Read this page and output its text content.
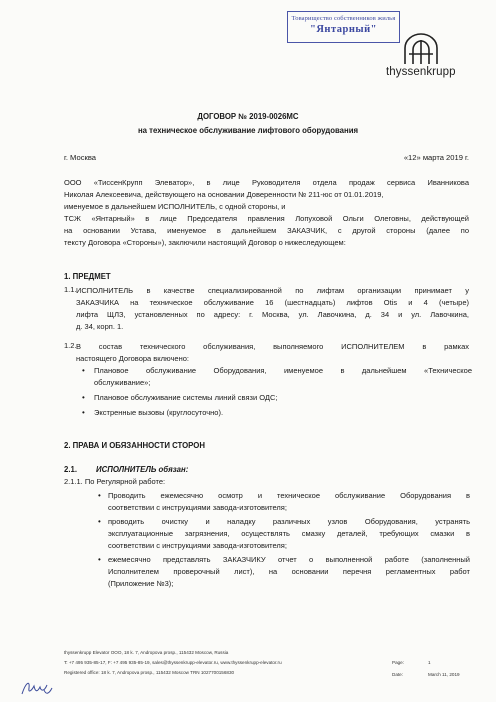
Товарищество собственников жилья
"Янтарный"
thyssenkrupp
ДОГОВОР № 2019-0026МС
на техническое обслуживание лифтового оборудования
г. Москва	«12» марта 2019 г.
ООО «ТиссенКрупп Элеватор», в лице Руководителя отдела продаж сервиса Иванникова
Николая Алексеевича, действующего на основании Доверенности № 211-юс от 01.01.2019,
именуемое в дальнейшем ИСПОЛНИТЕЛЬ, с одной стороны, и
ТСЖ «Янтарный» в лице Председателя правления Лопуховой Ольги Олеговны, действующей
на основании Устава, именуемое в дальнейшем ЗАКАЗЧИК, с другой стороны (далее по
тексту Договора «Стороны»), заключили настоящий Договор о нижеследующем:
1. ПРЕДМЕТ
1.1. ИСПОЛНИТЕЛЬ в качестве специализированной по лифтам организации принимает у
ЗАКАЗЧИКА на техническое обслуживание 16 (шестнадцать) лифтов Otis и 4 (четыре)
лифта ЩЛЗ, установленных по адресу: г. Москва, ул. Лавочкина, д. 34 и ул. Лавочкина,
д. 34, корп. 1.
1.2. В состав технического обслуживания, выполняемого ИСПОЛНИТЕЛЕМ в рамках
настоящего Договора включено:
• Плановое обслуживание Оборудования, именуемое в дальнейшем «Техническое
обслуживание»;
• Плановое обслуживание системы линий связи ОДС;
• Экстренные вызовы (круглосуточно).
2. ПРАВА И ОБЯЗАННОСТИ СТОРОН
2.1. ИСПОЛНИТЕЛЬ обязан:
2.1.1. По Регулярной работе:
• Проводить ежемесячно осмотр и техническое обслуживание Оборудования в
соответствии с инструкциями завода-изготовителя;
• проводить очистку и наладку различных узлов Оборудования, устранять
эксплуатационные загрязнения, осуществлять смазку деталей, требующих смазки в
соответствии с инструкциями завода-изготовителя;
• ежемесячно представлять ЗАКАЗЧИКУ отчет о выполненной работе (заполненный
Исполнителем проверочный лист), на основании перечня регламентных работ
(Приложение №3);
thyssenkrupp Elevator ООО, 18 k. 7, Andropova prosp., 115432 Moscow, Russia
T: +7 495 935-85-17, F: +7 495 935-85-19, sales@thyssenkrupp-elevator.ru, www.thyssenkrupp-elevator.ru
Registered office: 18 k. 7, Andropova prosp., 115432 Moscow TRN 1027700156830
Page:	1
Date:	March 11, 2019
